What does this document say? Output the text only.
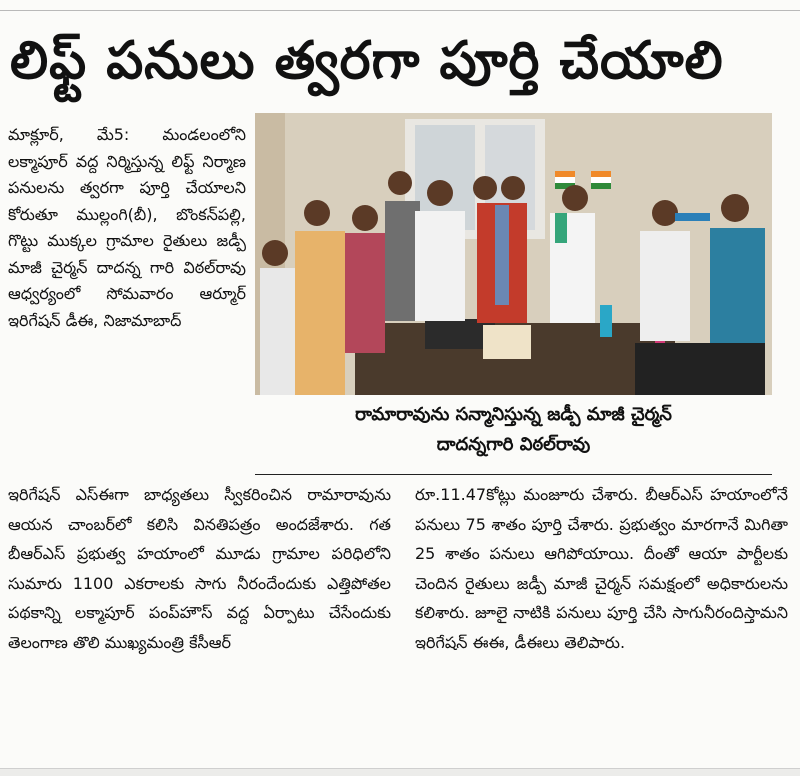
లిఫ్ట్ పనులు త్వరగా పూర్తి చేయాలి

మాక్లూర్, మే5: మండలంలోని లక్మాపూర్ వద్ద నిర్మిస్తున్న లిఫ్ట్ నిర్మాణ పనులను త్వరగా పూర్తి చేయాలని కోరుతూ ముల్లంగి(బీ), బొంకన్‌పల్లి, గొట్టు ముక్కల గ్రామాల రైతులు జడ్పీ మాజీ చైర్మన్ దాదన్న గారి విఠల్‌రావు ఆధ్వర్యంలో సోమవారం ఆర్మూర్ ఇరిగేషన్ డీఈ, నిజామాబాద్

రామారావును సన్మానిస్తున్న జడ్పీ మాజీ చైర్మన్
దాదన్నగారి విఠల్‌రావు

ఇరిగేషన్ ఎస్ఈగా బాధ్యతలు స్వీకరించిన రామారావును ఆయన చాంబర్‌లో కలిసి వినతిపత్రం అందజేశారు. గత బీఆర్ఎస్ ప్రభుత్వ హయాంలో మూడు గ్రామాల పరిధిలోని సుమారు 1100 ఎకరాలకు సాగు నీరందేందుకు ఎత్తిపోతల పథకాన్ని లక్మాపూర్ పంప్‌హౌస్ వద్ద ఏర్పాటు చేసేందుకు తెలంగాణ తొలి ముఖ్యమంత్రి కేసీఆర్

రూ.11.47కోట్లు మంజూరు చేశారు. బీఆర్ఎస్ హయాంలోనే పనులు 75 శాతం పూర్తి చేశారు. ప్రభుత్వం మారగానే మిగితా 25 శాతం పనులు ఆగిపోయాయి. దీంతో ఆయా పార్టీలకు చెందిన రైతులు జడ్పీ మాజీ చైర్మన్ సమక్షంలో అధికారులను కలిశారు. జూలై నాటికి పనులు పూర్తి చేసి సాగునీరందిస్తామని ఇరిగేషన్ ఈఈ, డీఈలు తెలిపారు.
